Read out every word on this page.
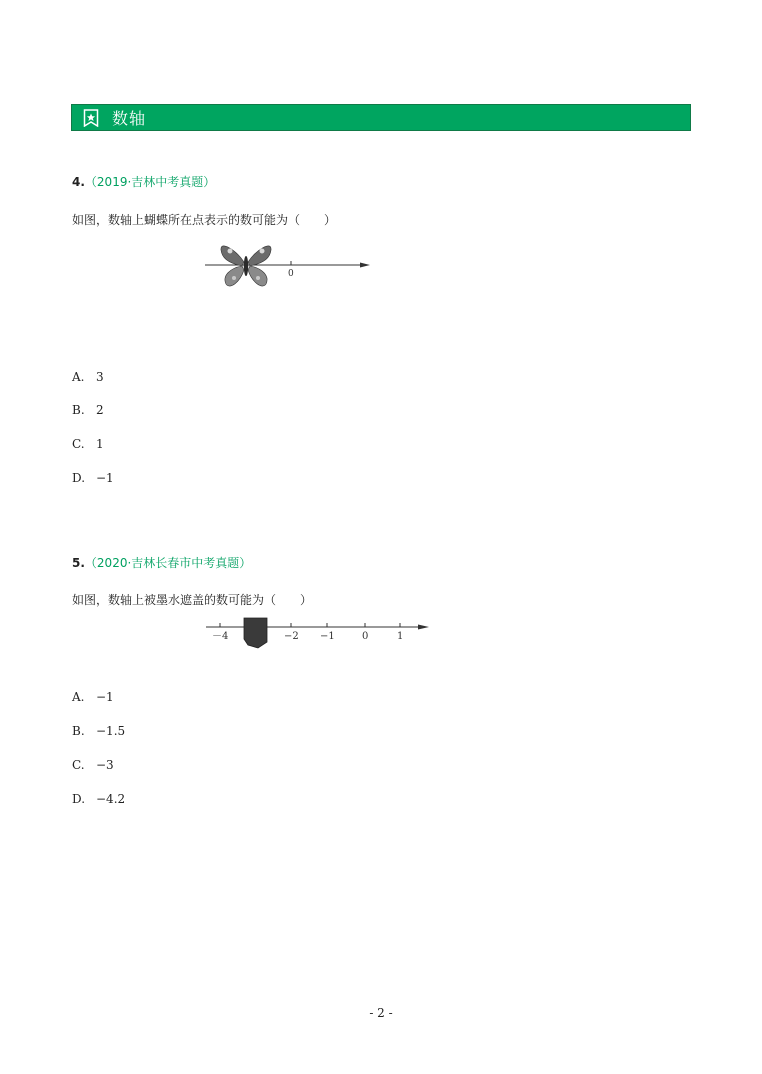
数轴
4.（2019·吉林中考真题）
如图，数轴上蝴蝶所在点表示的数可能为（　　）
0
A. 3
B. 2
C. 1
D. −1
5.（2020·吉林长春市中考真题）
如图，数轴上被墨水遮盖的数可能为（　　）
－4	−2 −1	0	1
A. −1
B. −1.5
C. −3
D. −4.2
- 2 -
